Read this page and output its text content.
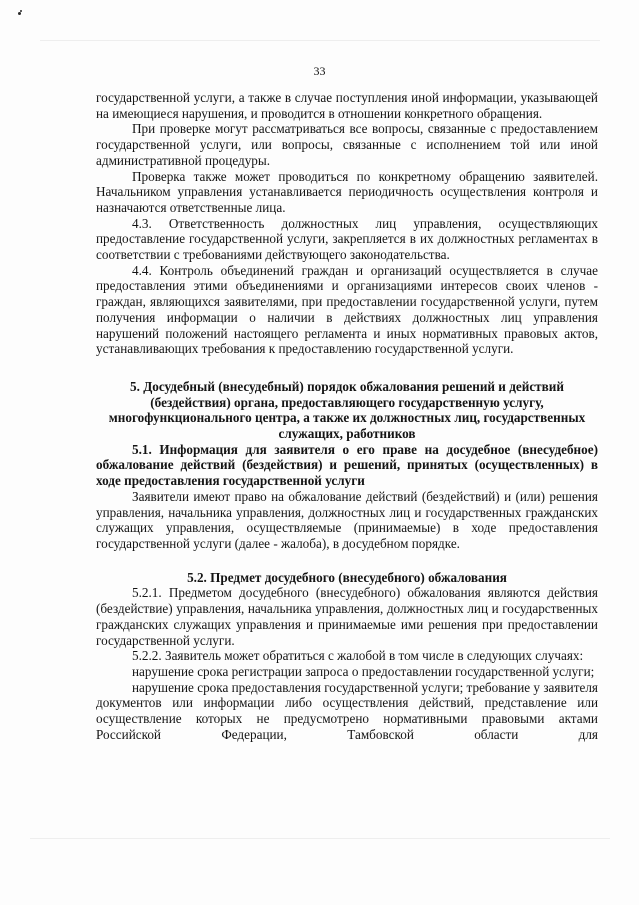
33

государственной услуги, а также в случае поступления иной информации, указывающей на имеющиеся нарушения, и проводится в отношении конкретного обращения.

При проверке могут рассматриваться все вопросы, связанные с предоставлением государственной услуги, или вопросы, связанные с исполнением той или иной административной процедуры.

Проверка также может проводиться по конкретному обращению заявителей. Начальником управления устанавливается периодичность осуществления контроля и назначаются ответственные лица.

4.3. Ответственность должностных лиц управления, осуществляющих предоставление государственной услуги, закрепляется в их должностных регламентах в соответствии с требованиями действующего законодательства.

4.4. Контроль объединений граждан и организаций осуществляется в случае предоставления этими объединениями и организациями интересов своих членов - граждан, являющихся заявителями, при предоставлении государственной услуги, путем получения информации о наличии в действиях должностных лиц управления нарушений положений настоящего регламента и иных нормативных правовых актов, устанавливающих требования к предоставлению государственной услуги.

5. Досудебный (внесудебный) порядок обжалования решений и действий (бездействия) органа, предоставляющего государственную услугу, многофункционального центра, а также их должностных лиц, государственных служащих, работников

5.1. Информация для заявителя о его праве на досудебное (внесудебное) обжалование действий (бездействия) и решений, принятых (осуществленных) в ходе предоставления государственной услуги

Заявители имеют право на обжалование действий (бездействий) и (или) решения управления, начальника управления, должностных лиц и государственных гражданских служащих управления, осуществляемые (принимаемые) в ходе предоставления государственной услуги (далее - жалоба), в досудебном порядке.

5.2. Предмет досудебного (внесудебного) обжалования

5.2.1. Предметом досудебного (внесудебного) обжалования являются действия (бездействие) управления, начальника управления, должностных лиц и государственных гражданских служащих управления и принимаемые ими решения при предоставлении государственной услуги.

5.2.2. Заявитель может обратиться с жалобой в том числе в следующих случаях:

нарушение срока регистрации запроса о предоставлении государственной услуги;

нарушение срока предоставления государственной услуги; требование у заявителя документов или информации либо осуществления действий, представление или осуществление которых не предусмотрено нормативными правовыми актами Российской Федерации, Тамбовской области для
